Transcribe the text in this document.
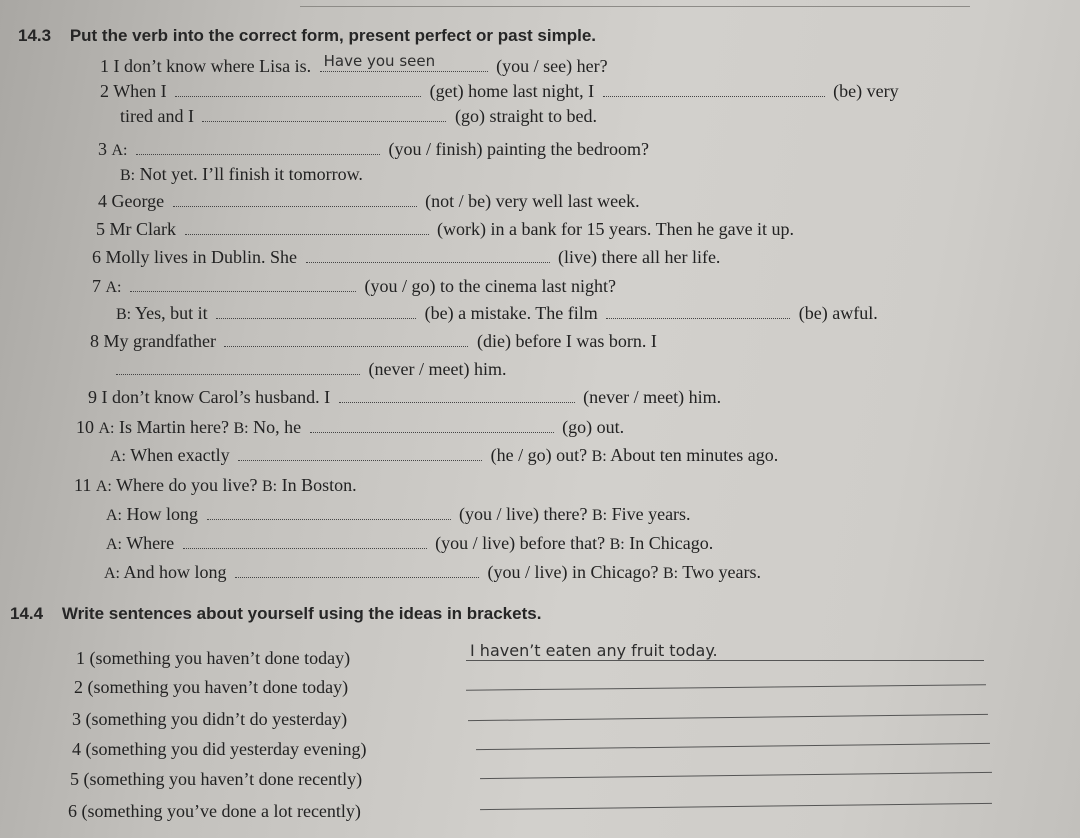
14.3 Put the verb into the correct form, present perfect or past simple.
1 I don’t know where Lisa is. Have you seen	(you / see) her?
2 When I	(get) home last night, I	(be) very
tired and I	(go) straight to bed.
3 A:	(you / finish) painting the bedroom?
B: Not yet. I’ll finish it tomorrow.
4 George	(not / be) very well last week.
5 Mr Clark	(work) in a bank for 15 years. Then he gave it up.
6 Molly lives in Dublin. She	(live) there all her life.
7 A:	(you / go) to the cinema last night?
B: Yes, but it	(be) a mistake. The film	(be) awful.
8 My grandfather	(die) before I was born. I
(never / meet) him.
9 I don’t know Carol’s husband. I	(never / meet) him.
10 A: Is Martin here? B: No, he	(go) out.
A: When exactly	(he / go) out? B: About ten minutes ago.
11 A: Where do you live? B: In Boston.
A: How long	(you / live) there? B: Five years.
A: Where	(you / live) before that? B: In Chicago.
A: And how long	(you / live) in Chicago? B: Two years.
14.4 Write sentences about yourself using the ideas in brackets.
1 (something you haven’t done today)	I haven’t eaten any fruit today.
2 (something you haven’t done today)
3 (something you didn’t do yesterday)
4 (something you did yesterday evening)
5 (something you haven’t done recently)
6 (something you’ve done a lot recently)
